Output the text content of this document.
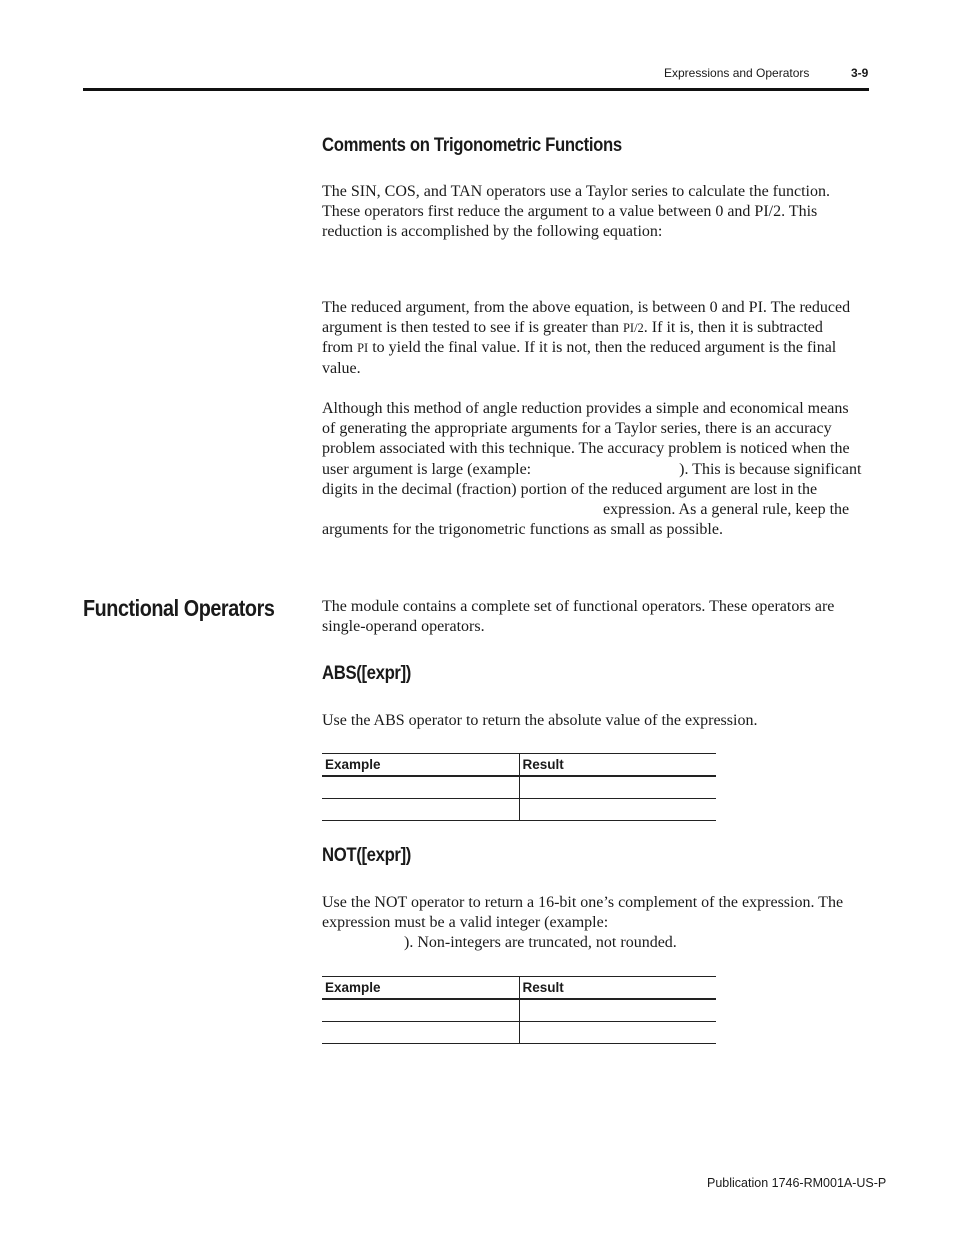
Expressions and Operators	3-9
Comments on Trigonometric Functions
The SIN, COS, and TAN operators use a Taylor series to calculate the function.
These operators first reduce the argument to a value between 0 and PI/2. This
reduction is accomplished by the following equation:
The reduced argument, from the above equation, is between 0 and PI. The reduced
argument is then tested to see if is greater than PI/2. If it is, then it is subtracted
from PI to yield the final value. If it is not, then the reduced argument is the final
value.
Although this method of angle reduction provides a simple and economical means
of generating the appropriate arguments for a Taylor series, there is an accuracy
problem associated with this technique. The accuracy problem is noticed when the
user argument is large (example:	). This is because significant
digits in the decimal (fraction) portion of the reduced argument are lost in the
expression. As a general rule, keep the
arguments for the trigonometric functions as small as possible.
Functional Operators	The module contains a complete set of functional operators. These operators are
single-operand operators.
ABS([expr])
Use the ABS operator to return the absolute value of the expression.
Example	Result

NOT([expr])
Use the NOT operator to return a 16-bit one’s complement of the expression. The
expression must be a valid integer (example:
). Non-integers are truncated, not rounded.
Example	Result

Publication 1746-RM001A-US-P
